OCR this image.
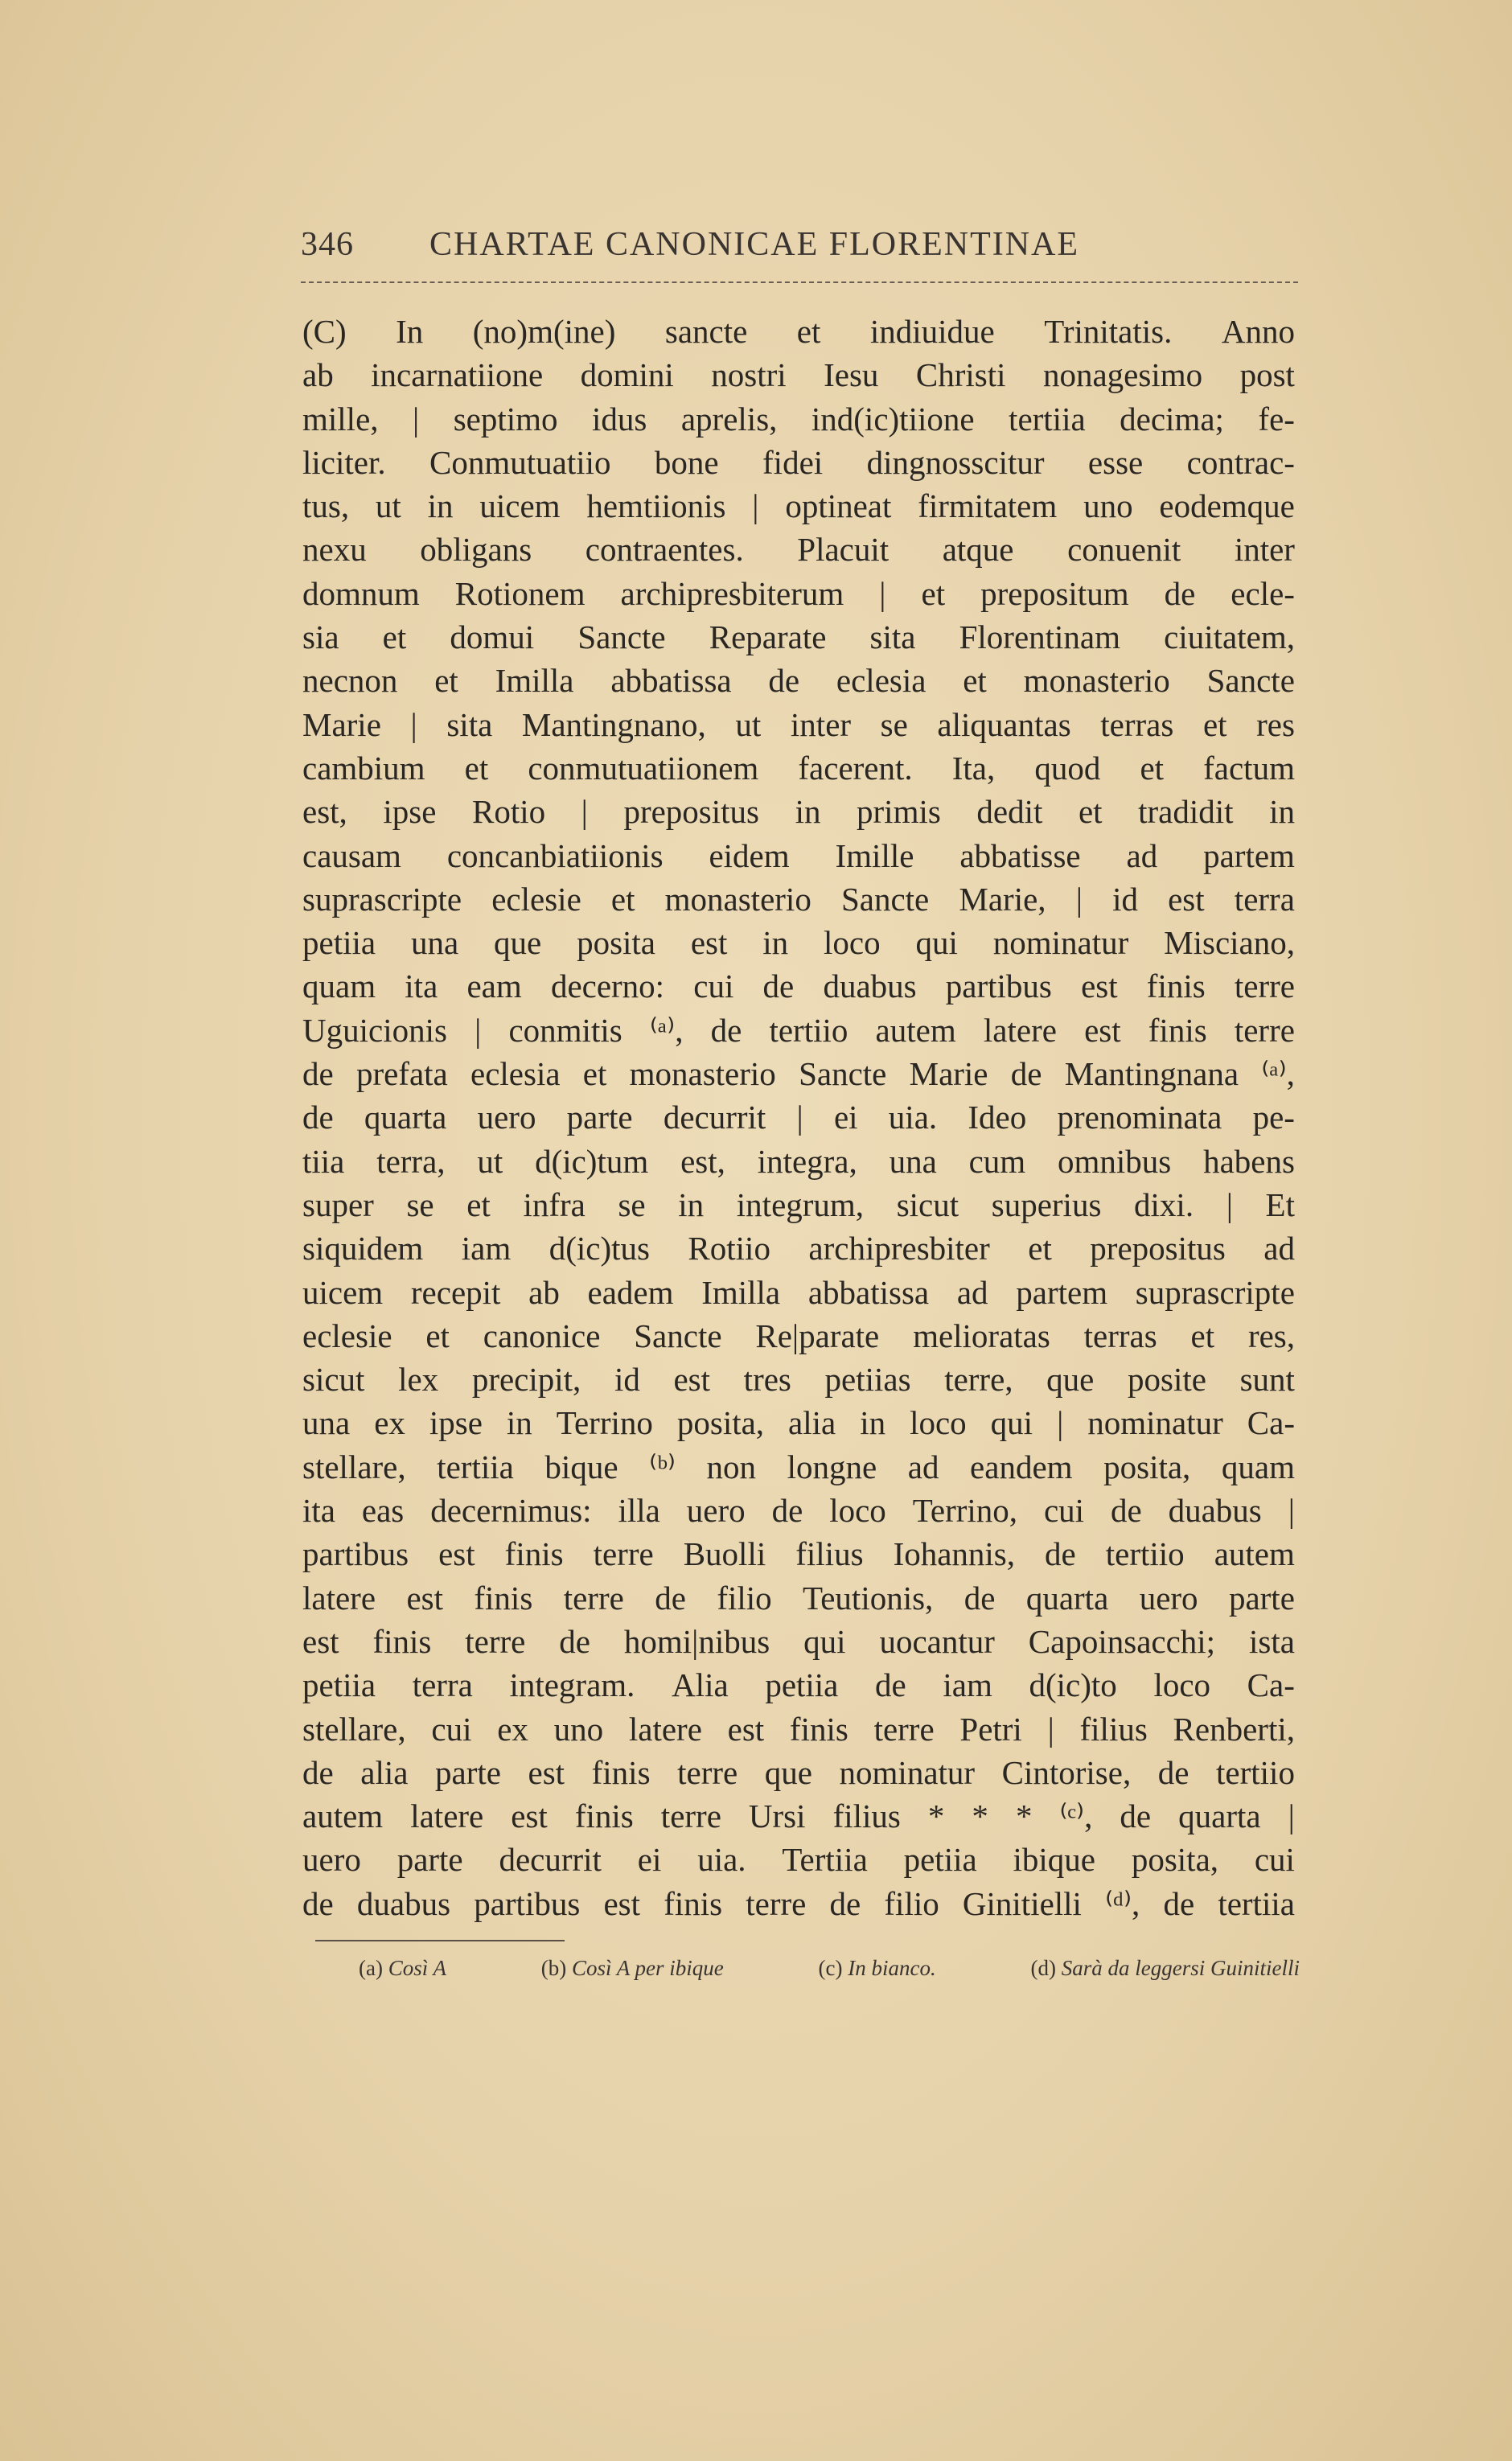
346 CHARTAE CANONICAE FLORENTINAE
(C) In (no)m(ine) sancte et indiuidue Trinitatis. Anno
ab incarnatiione domini nostri Iesu Christi nonagesimo post
mille, | septimo idus aprelis, ind(ic)tiione tertiia decima; fe-
liciter. Conmutuatiio bone fidei dingnosscitur esse contrac-
tus, ut in uicem hemtiionis | optineat firmitatem uno eodemque
nexu obligans contraentes. Placuit atque conuenit inter
domnum Rotionem archipresbiterum | et prepositum de ecle-
sia et domui Sancte Reparate sita Florentinam ciuitatem,
necnon et Imilla abbatissa de eclesia et monasterio Sancte
Marie | sita Mantingnano, ut inter se aliquantas terras et res
cambium et conmutuatiionem facerent. Ita, quod et factum
est, ipse Rotio | prepositus in primis dedit et tradidit in
causam concanbiatiionis eidem Imille abbatisse ad partem
suprascripte eclesie et monasterio Sancte Marie, | id est terra
petiia una que posita est in loco qui nominatur Misciano,
quam ita eam decerno: cui de duabus partibus est finis terre
Uguicionis | conmitis ⁽ᵃ⁾, de tertiio autem latere est finis terre
de prefata eclesia et monasterio Sancte Marie de Mantingnana ⁽ᵃ⁾,
de quarta uero parte decurrit | ei uia. Ideo prenominata pe-
tiia terra, ut d(ic)tum est, integra, una cum omnibus habens
super se et infra se in integrum, sicut superius dixi. | Et
siquidem iam d(ic)tus Rotiio archipresbiter et prepositus ad
uicem recepit ab eadem Imilla abbatissa ad partem suprascripte
eclesie et canonice Sancte Re|parate melioratas terras et res,
sicut lex precipit, id est tres petiias terre, que posite sunt
una ex ipse in Terrino posita, alia in loco qui | nominatur Ca-
stellare, tertiia bique ⁽ᵇ⁾ non longne ad eandem posita, quam
ita eas decernimus: illa uero de loco Terrino, cui de duabus |
partibus est finis terre Buolli filius Iohannis, de tertiio autem
latere est finis terre de filio Teutionis, de quarta uero parte
est finis terre de homi|nibus qui uocantur Capoinsacchi; ista
petiia terra integram. Alia petiia de iam d(ic)to loco Ca-
stellare, cui ex uno latere est finis terre Petri | filius Renberti,
de alia parte est finis terre que nominatur Cintorise, de tertiio
autem latere est finis terre Ursi filius * * * ⁽ᶜ⁾, de quarta |
uero parte decurrit ei uia. Tertiia petiia ibique posita, cui
de duabus partibus est finis terre de filio Ginitielli ⁽ᵈ⁾, de tertiia
(a) Così A	(b) Così A per ibique	(c) In bianco.	(d) Sarà da leggersi Guinitielli
